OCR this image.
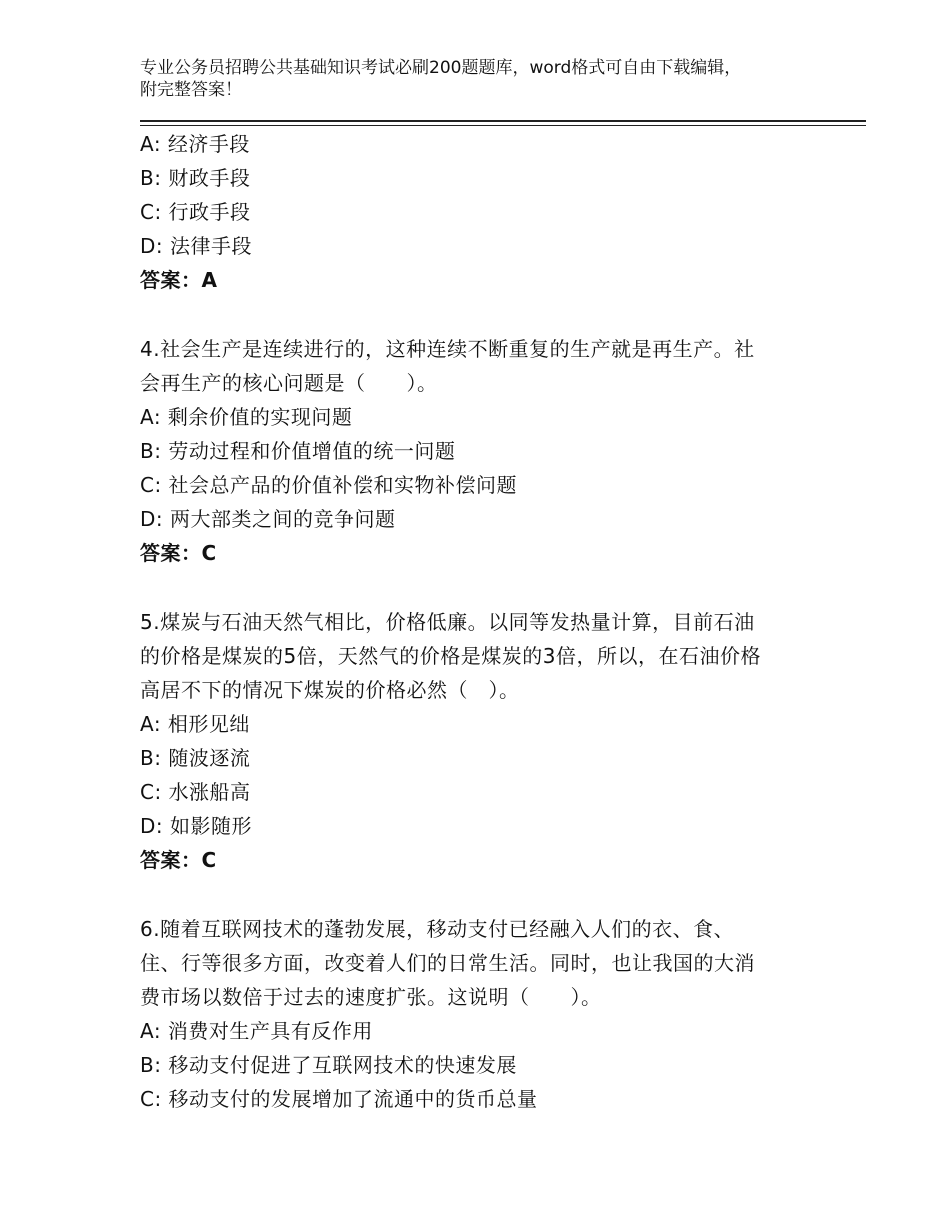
专业公务员招聘公共基础知识考试必刷200题题库，word格式可自由下载编辑，
附完整答案！
A: 经济手段
B: 财政手段
C: 行政手段
D: 法律手段
答案：A
4.社会生产是连续进行的，这种连续不断重复的生产就是再生产。社
会再生产的核心问题是（　　）。
A: 剩余价值的实现问题
B: 劳动过程和价值增值的统一问题
C: 社会总产品的价值补偿和实物补偿问题
D: 两大部类之间的竞争问题
答案：C
5.煤炭与石油天然气相比，价格低廉。以同等发热量计算，目前石油
的价格是煤炭的5倍，天然气的价格是煤炭的3倍，所以，在石油价格
高居不下的情况下煤炭的价格必然（　）。
A: 相形见绌
B: 随波逐流
C: 水涨船高
D: 如影随形
答案：C
6.随着互联网技术的蓬勃发展，移动支付已经融入人们的衣、食、
住、行等很多方面，改变着人们的日常生活。同时，也让我国的大消
费市场以数倍于过去的速度扩张。这说明（　　）。
A: 消费对生产具有反作用
B: 移动支付促进了互联网技术的快速发展
C: 移动支付的发展增加了流通中的货币总量
